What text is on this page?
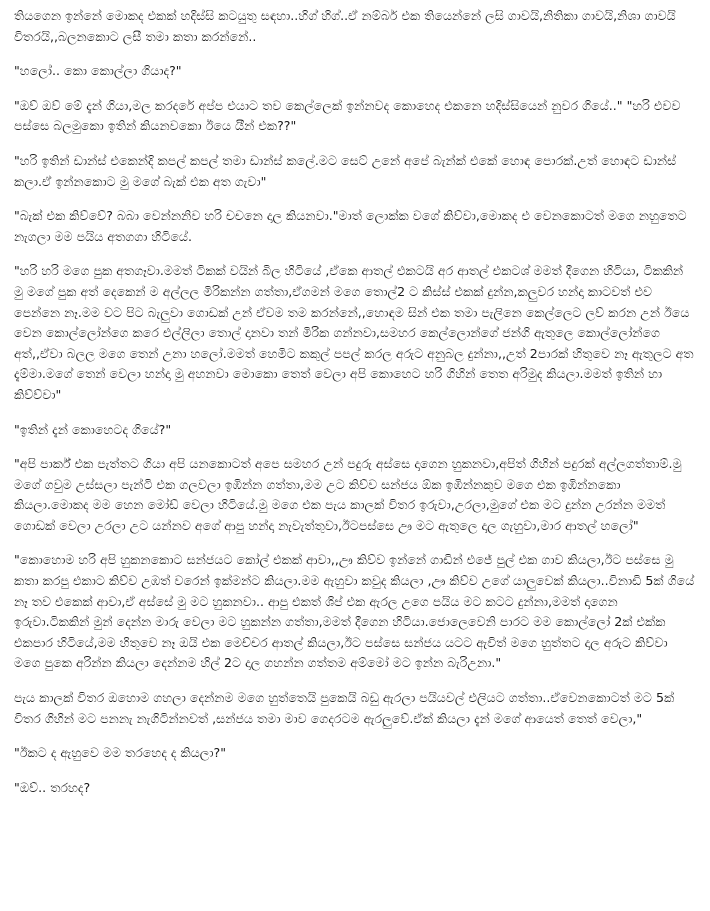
තියගෙන ඉන්නේ මොකද එකක් හදිස්සි කටයුතු සඳහා..හිග් හිග්..ඒ නම්බර් එක තියෙන්නේ ලසි ගාවයි,නිතිකා ගාවයි,නිශා ගාවයි විතරයි,,බලනකොට ලසී තමා කතා කරන්නේ..

"හලෝ.. කො කොල්ලා ගියාද?"

"ඔව් ඔව් මේ දැන් ගියා,මල කරදරේ අප්ප එයාට තව කෙල්ලෙක් ඉන්නවද කොහෙද එකනෙ හදිස්සියෙන් නුවර ගියේ.." "හරි එවව පස්සෙ බලමුකො ඉතින් කියනවකො ඊයෙ යීන් එක??"

"හරි ඉතින් ඩාන්ස් එකෙන්දි කපල් කපල් තමා ඩාන්ස් කලේ.මට සෙට් උනේ අපේ බැන්ක් එකේ හොඳ පොරක්.උත් හොඳට ඩාන්ස් කලා.ඒ ඉන්නකොට මු මගේ බැක් එක අත ගැවා"

"බැක් එක කිව්වේ? බබා වෙන්නනිව හරි චචනෙ දාල කියනවා."මාත් ලොක්ක වගේ කිව්වා,මොකද එ වෙනකොටත් මගෙ නහුතෙට නැගලා මම පයිය අතගගා හිටියේ.

"හරි හරි මගෙ පුක අතගෑවා.මමත් ටිකක් වයින් බිල හිටියේ ,ඒකෙ ආතල් එකටයි අර ආතල් එකටශ් මමත් දීගෙන හිටියා, ටිකකින් මු මගේ පුක අත් දෙකෙන් ම අල්ලල මිරිකන්න ගත්තා,ඒගමන් මගෙ තොල්2 ට කිස්ස් එකක් දුන්න,කලුවර හන්දා කාටවත් එව පෙන්නෙ නෑ.මම වට පිට බැලුවා ගොඩක් උන් ඒවම තම කරන්නේ,,හොඳම සින් එක තමා පැලිනෙ කෙල්ලෙට ලව් කරන උන් ඊයෙ වෙන කොල්ලෝන්ගෙ කරෙ එල්ලිලා තොල් දානවා තන් මිරික ගන්නවා,සමහර කෙල්ලොන්ගේ ජන්ගි ඇතුලෙ කොල්ලෝන්ගෙ අත්,,ඒවා බලල මගෙ තෙන් උනා හලෝ.මමත් හෙමිට කකුල් පපල් කරල අරුට අනුබල දුන්නා,,උත් 2පාරක් හිතුවෙ නෑ ඇතුලට අත දැම්මා.මගේ තෙන් වෙලා හන්දා මු අහනවා මොකො තෙත් වෙලා අපි කොහෙට හරි ගිහින් තෙත අරිමුද කියලා.මමත් ඉතින් හා කිව්ව්වා"

"ඉතින් දැන් කොහෙටද ගියේ?"

"අපි පාර්ක් එක පැත්තට ගියා අපි යනකොටත් අපෙ සමහර උන් පදුරු අස්සෙ දාගෙන හුකනවා,අපිත් ගිහින් පදුරක් අල්ලගත්තාම්.මු මගේ ගවුම උස්සලා පැන්ටි එක ගලවලා ඉඹින්න ගත්තා,මම උට කිව්ව සන්ජය ඕක ඉඹින්නකුව මගෙ එක ඉඹින්නකො කියලා.මොකද මම හෙන මෝඩ් වෙලා හිටියේ.මු මගෙ එක පැය කාලක් විතර ඉරුවා,උරලා,මුගේ එක මට දුන්න උරන්න මමත් ගොඩක් වෙලා උරලා උට යන්නව අගේ ආපු හන්දා නැවැත්තුවා,ඊටපස්සෙ ඌ මට ඇතුලෙ දාල ගැහුවා,මාර ආතල් හලෝ"

"කොහොම හරි අපි හුකනකොට සන්ජයට කෝල් එකක් ආවා,,ඌ කිව්ව ඉන්නේ ගාඩින් එජේ පුල් එක ගාව කියලා,ඊට පස්සෙ මු කතා කරපු එකාට කිව්ව උඹත් වරෙන් ඉක්මන්ට කියලා.මම ඇහුවා කවුද කියලා ,ඌ කිව්ව උගේ යාලුවෙක් කියලා..විනාඩි 5ක් ගියේ නෑ තව එකෙක් ආවා,ඒ අස්සේ මු මට හුකනවා.. ආපු එකත් ශිප් එක ඇරල උගෙ පයිය මට කටට දුන්නා,මමත් දාගෙන ඉරුවා.ටිකකින් මුන් දෙන්න මාරු වෙලා මට හුකන්න ගත්තා,මමත් දීගෙන හිටියා.ජොලෙවෙනි පාරට මම කොල්ලෝ 2ක් එක්ක එකපාර හිටියේ,මම හිතුවෙ නෑ ඔයි එක මෙච්චර ආතල් කියලා,ඊට පස්සෙ සන්ජය යටට ඇවිත් මගෙ හුත්තට දාල අරුට කිව්වා මගෙ පුකෙ අරින්න කියලා දෙන්නම හිල් 2ට දාල ගහන්න ගත්තම අම්මෝ මට ඉන්න බැරිඋනා."

පැය කාලක් විතර ඔහොම ගහලා දෙන්නම මගෙ හුත්තෙයි පුකෙයි බඩු ඇරලා පයියවල් එලියට ගත්තා..ඒවෙනකොටත් මට 5ක් විතර ගිහින් මට පනනැ නැගිටින්නවත් ,සන්ජය තමා මාව ගෙදරටම ඇරලුවේ.ඒක් කියලා දැන් මගේ ආයෙත් තෙත් වෙලා,"

"ඊකට ද ඇහුවෙ මම තරහෙද ද කියලා?"

"ඔව්.. තරහද?
